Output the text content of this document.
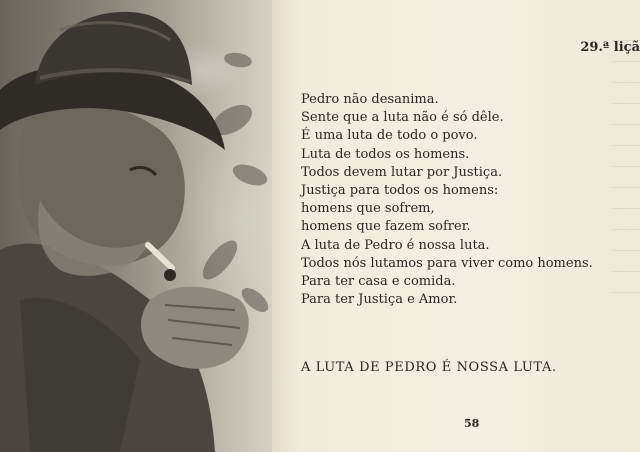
29.ª liçã
Pedro não desanima.
Sente que a luta não é só dêle.
É uma luta de todo o povo.
Luta de todos os homens.
Todos devem lutar por Justiça.
Justiça para todos os homens:
homens que sofrem,
homens que fazem sofrer.
A luta de Pedro é nossa luta.
Todos nós lutamos para viver como homens.
Para ter casa e comida.
Para ter Justiça e Amor.
A LUTA DE PEDRO É NOSSA LUTA.
58
